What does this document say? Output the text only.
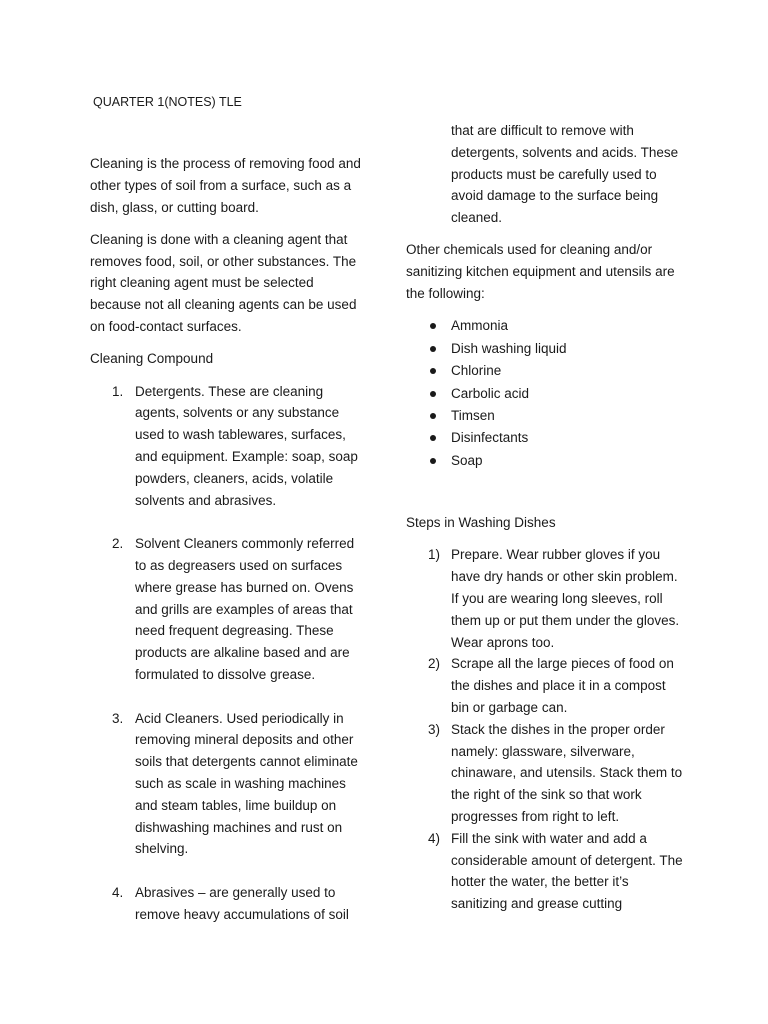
QUARTER 1(NOTES) TLE

Cleaning is the process of removing food and other types of soil from a surface, such as a dish, glass, or cutting board.

Cleaning is done with a cleaning agent that removes food, soil, or other substances. The right cleaning agent must be selected because not all cleaning agents can be used on food-contact surfaces.

Cleaning Compound

1. Detergents. These are cleaning agents, solvents or any substance used to wash tablewares, surfaces, and equipment. Example: soap, soap powders, cleaners, acids, volatile solvents and abrasives.
2. Solvent Cleaners commonly referred to as degreasers used on surfaces where grease has burned on. Ovens and grills are examples of areas that need frequent degreasing. These products are alkaline based and are formulated to dissolve grease.
3. Acid Cleaners. Used periodically in removing mineral deposits and other soils that detergents cannot eliminate such as scale in washing machines and steam tables, lime buildup on dishwashing machines and rust on shelving.
4. Abrasives – are generally used to remove heavy accumulations of soil
that are difficult to remove with detergents, solvents and acids. These products must be carefully used to avoid damage to the surface being cleaned.

Other chemicals used for cleaning and/or sanitizing kitchen equipment and utensils are the following:

Ammonia
Dish washing liquid
Chlorine
Carbolic acid
Timsen
Disinfectants
Soap

Steps in Washing Dishes

1) Prepare. Wear rubber gloves if you have dry hands or other skin problem. If you are wearing long sleeves, roll them up or put them under the gloves. Wear aprons too.
2) Scrape all the large pieces of food on the dishes and place it in a compost bin or garbage can.
3) Stack the dishes in the proper order namely: glassware, silverware, chinaware, and utensils. Stack them to the right of the sink so that work progresses from right to left.
4) Fill the sink with water and add a considerable amount of detergent. The hotter the water, the better it’s sanitizing and grease cutting
